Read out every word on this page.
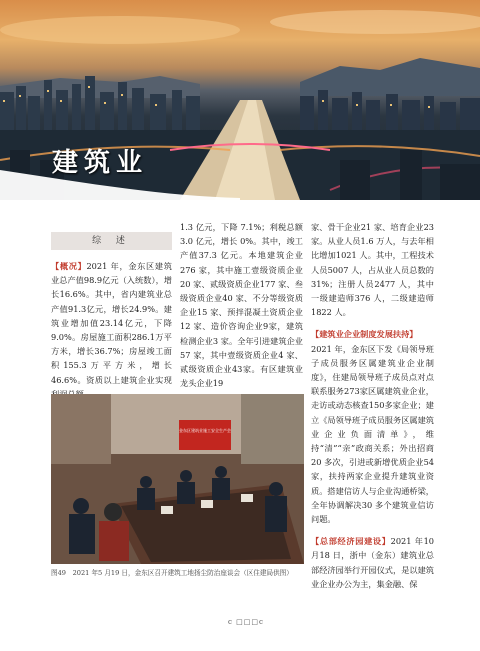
建筑业
综 述
【概况】2021 年，金东区建筑业总产值98.9亿元（入统数），增长16.6%。其中，省内建筑业总产值91.3亿元，增长24.9%。建筑业增加值23.14亿元，下降9.0%。房屋施工面积286.1万平方米，增长36.7%；房屋竣工面积155.3万平方米，增长46.6%。资质以上建筑企业实现
1.3 亿元，下降 7.1%；利税总额3.0 亿元，增长 0%。其中，竣工产值37.3 亿元。本地建筑企业276 家，其中施工壹级资质企业20 家、贰级资质企业177 家、叁级资质企业40 家、不分等级资质企业15 家、预拌混凝土资质企业12 家、造价咨询企业9家，建筑检测企业3 家。全年引进建筑企业57 家，其中壹级资质企业4 家、贰级资质企业43家。有区建筑业龙头企业19
家、骨干企业21 家、培育企业23 家。从业人员1.6 万人，与去年相比增加1021 人。其中，工程技术人员5007 人，占从业人员总数的31%；注册人员2477 人，其中一级建造师376 人，二级建造师1822 人。
【建筑业企业制度发展扶持】
2021 年，金东区下发《局领导班子成员服务区属建筑业企业制度》，住建局领导班子成员点对点联系服务273家区属建筑业企业，走访或动态核查150多家企业；建立《局领导班子成员服务区属建筑业企业负面清单》，维持“清”“亲”政商关系；外出招商20 多次，引进或新增优质企业54 家，扶持两家企业提升建筑业资质。搭建信访人与企业沟通桥梁，全年协调解决30 多个建筑业信访问题。
【总部经济园建设】2021 年10 月18 日，浙中（金东）建筑业总部经济园举行开园仪式，是以建筑业企业办公为主，集金融、保
金东区建筑业施工安全生产会
图49　2021 年5 月19 日，金东区召开建筑工地扬尘防治座谈会（区住建局供图）
c □□□c
